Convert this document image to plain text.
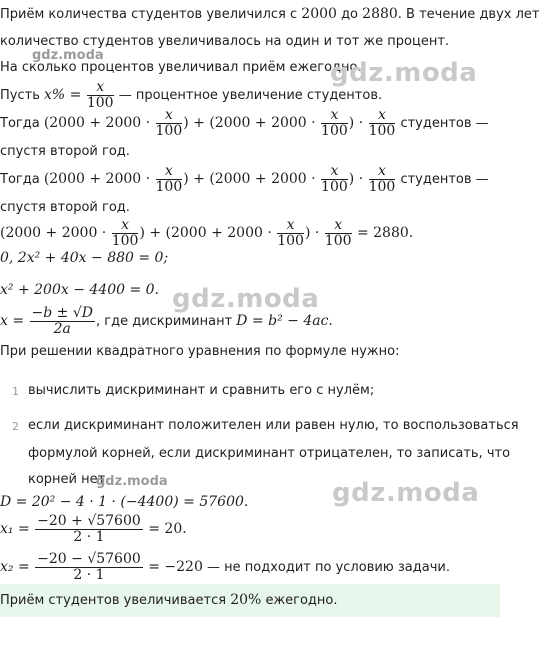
Приём количества студентов увеличился с 2000 до 2880. В течение двух лет
количество студентов увеличивалось на один и тот же процент.
gdz.moda
На сколько процентов увеличивал приём ежегодно.
gdz.moda
Пусть $x\% = \frac{x}{100}$ — процентное увеличение студентов.
Тогда ($2000 + 2000 \cdot \frac{x}{100}$ ) + ($2000 + 2000 \cdot \frac{x}{100}$ ) · $\frac{x}{100}$ студентов —
спустя второй год.
Тогда ($2000 + 2000 \cdot \frac{x}{100}$ ) + ($2000 + 2000 \cdot \frac{x}{100}$ ) · $\frac{x}{100}$ студентов —
спустя второй год.
($2000 + 2000 \cdot \frac{x}{100}$ ) + ($2000 + 2000 \cdot \frac{x}{100}$ ) · $\frac{x}{100} = 2880$.
0, 2x² + 40x − 880 = 0;
x² + 200x − 4400 = 0. gdz.moda
$x = \frac{-b \pm √D}{2a}$ , где дискриминант D = b² − 4ac.
При решении квадратного уравнения по формуле нужно:
1 вычислить дискриминант и сравнить его с нулём;
2 если дискриминант положителен или равен нулю, то воспользоваться
формулой корней, если дискриминант отрицателен, то записать, что
корней нет
gdz.moda	gdz.moda
D = 20² − 4 · 1 · (−4400) = 57600.
$x_1 = \frac{-20 + √57600}{2 \cdot 1} = 20$.
$x_2 = \frac{-20 - √57600}{2 \cdot 1} = -220$ — не подходит по условию задачи.
Приём студентов увеличивается 20% ежегодно.
